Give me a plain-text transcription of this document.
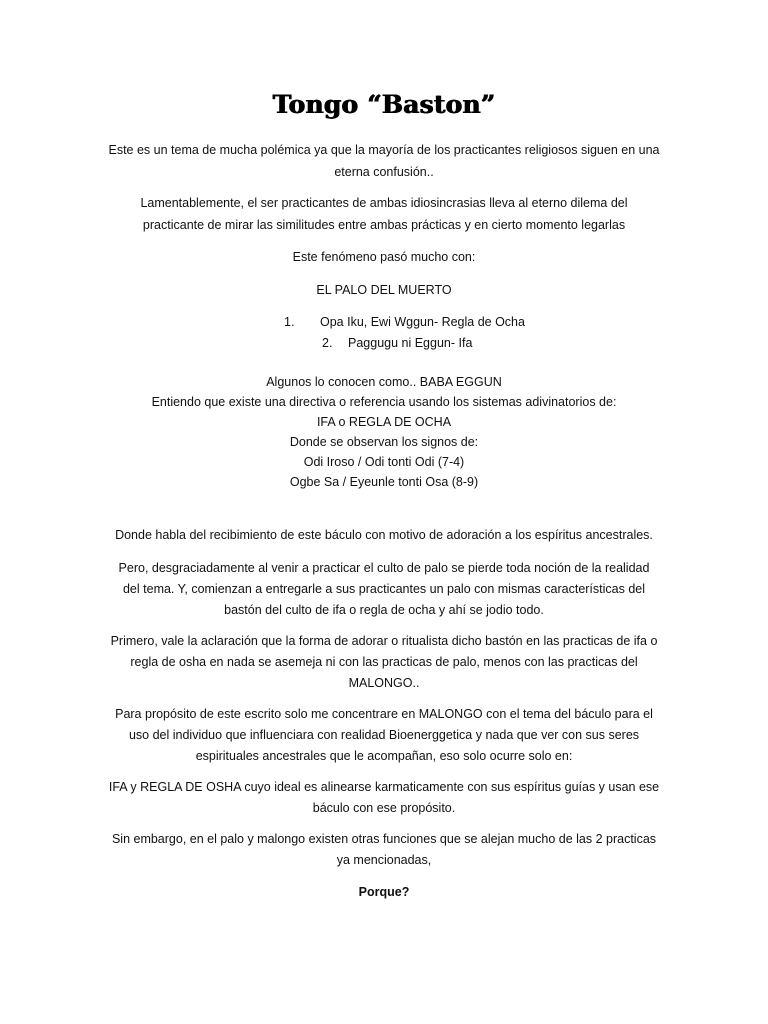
Tongo “Baston”
Este es un tema de mucha polémica ya que la mayoría de los practicantes religiosos siguen en una
eterna confusión..
Lamentablemente, el ser practicantes de ambas idiosincrasias lleva al eterno dilema del
practicante de mirar las similitudes entre ambas prácticas y en cierto momento legarlas
Este fenómeno pasó mucho con:
EL PALO DEL MUERTO
1. Opa Iku, Ewi Wggun- Regla de Ocha
2. Paggugu ni Eggun- Ifa
Algunos lo conocen como.. BABA EGGUN
Entiendo que existe una directiva o referencia usando los sistemas adivinatorios de:
IFA o REGLA DE OCHA
Donde se observan los signos de:
Odi Iroso / Odi tonti Odi (7-4)
Ogbe Sa / Eyeunle tonti Osa (8-9)
Donde habla del recibimiento de este báculo con motivo de adoración a los espíritus ancestrales.
Pero, desgraciadamente al venir a practicar el culto de palo se pierde toda noción de la realidad
del tema. Y, comienzan a entregarle a sus practicantes un palo con mismas características del
bastón del culto de ifa o regla de ocha y ahí se jodio todo.
Primero, vale la aclaración que la forma de adorar o ritualista dicho bastón en las practicas de ifa o
regla de osha en nada se asemeja ni con las practicas de palo, menos con las practicas del
MALONGO..
Para propósito de este escrito solo me concentrare en MALONGO con el tema del báculo para el
uso del individuo que influenciara con realidad Bioenerggetica y nada que ver con sus seres
espirituales ancestrales que le acompañan, eso solo ocurre solo en:
IFA y REGLA DE OSHA cuyo ideal es alinearse karmaticamente con sus espíritus guías y usan ese
báculo con ese propósito.
Sin embargo, en el palo y malongo existen otras funciones que se alejan mucho de las 2 practicas
ya mencionadas,
Porque?
